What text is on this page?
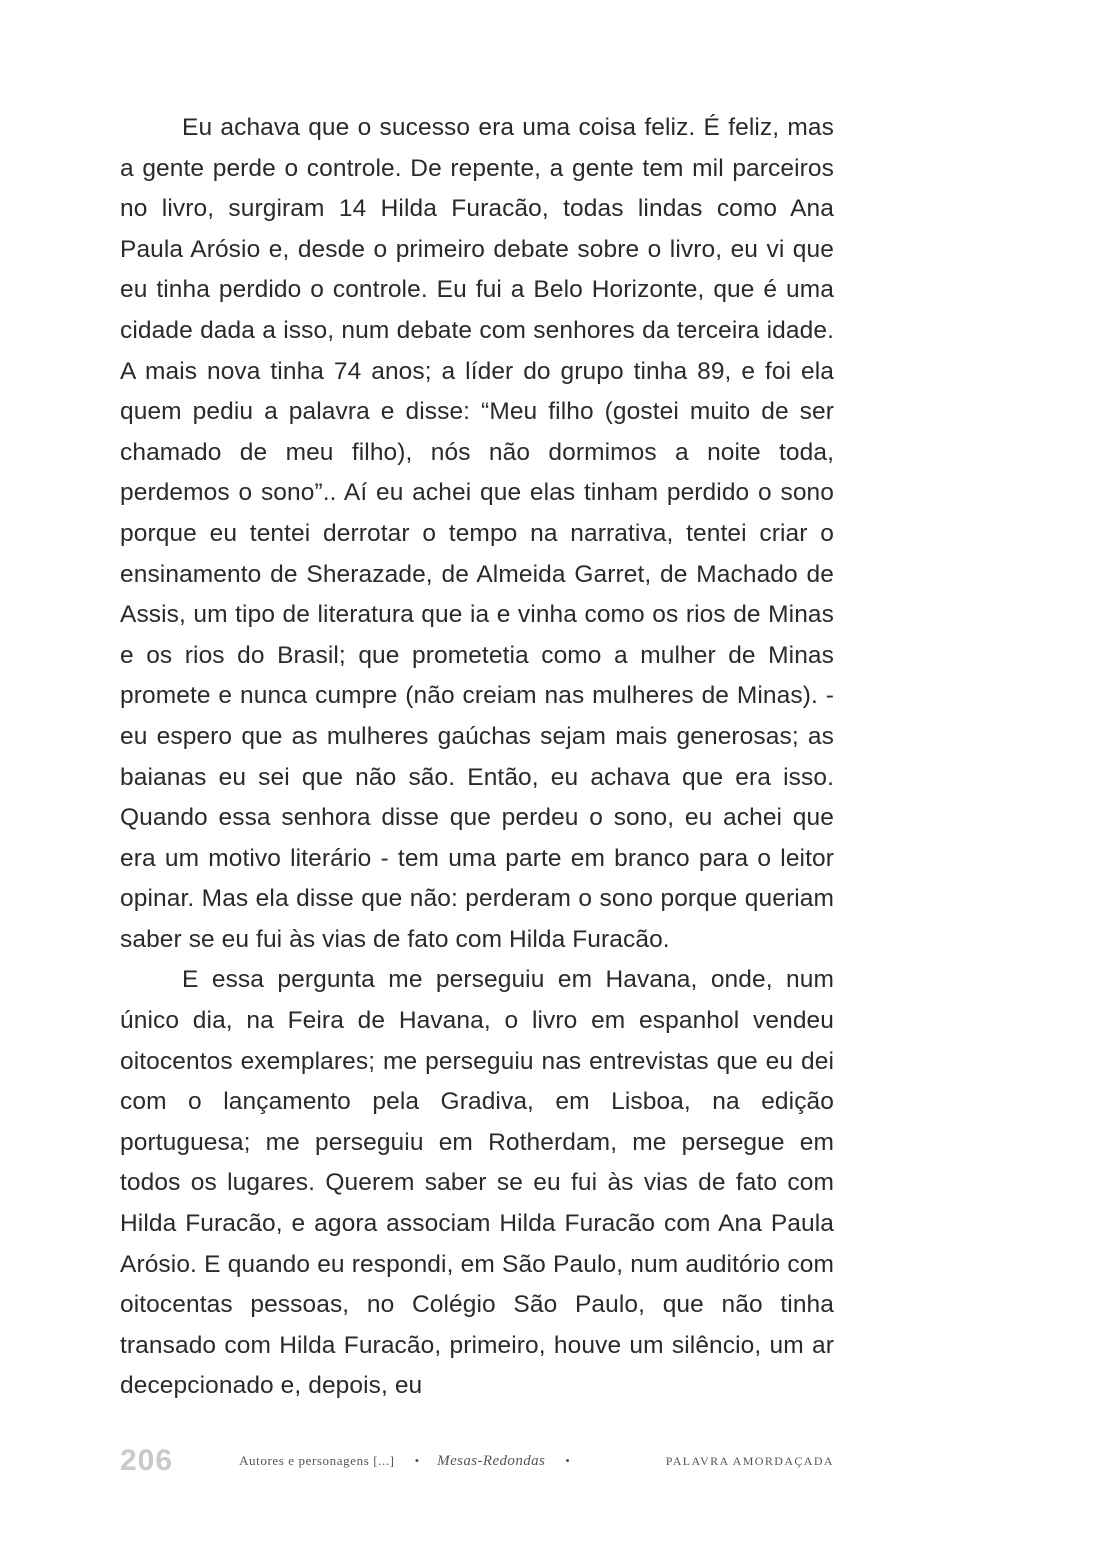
Eu achava que o sucesso era uma coisa feliz. É feliz, mas a gente perde o controle. De repente, a gente tem mil parceiros no livro, surgiram 14 Hilda Furacão, todas lindas como Ana Paula Arósio e, desde o primeiro debate sobre o livro, eu vi que eu tinha perdido o controle. Eu fui a Belo Horizonte, que é uma cidade dada a isso, num debate com senhores da terceira idade. A mais nova tinha 74 anos; a líder do grupo tinha 89, e foi ela quem pediu a palavra e disse: “Meu filho (gostei muito de ser chamado de meu filho), nós não dormimos a noite toda, perdemos o sono”.. Aí eu achei que elas tinham perdido o sono porque eu tentei derrotar o tempo na narrativa, tentei criar o ensinamento de Sherazade, de Almeida Garret, de Machado de Assis, um tipo de literatura que ia e vinha como os rios de Minas e os rios do Brasil; que prometetia como a mulher de Minas promete e nunca cumpre (não creiam nas mulheres de Minas). - eu espero que as mulheres gaúchas sejam mais generosas; as baianas eu sei que não são. Então, eu achava que era isso. Quando essa senhora disse que perdeu o sono, eu achei que era um motivo literário - tem uma parte em branco para o leitor opinar. Mas ela disse que não: perderam o sono porque queriam saber se eu fui às vias de fato com Hilda Furacão.

E essa pergunta me perseguiu em Havana, onde, num único dia, na Feira de Havana, o livro em espanhol vendeu oitocentos exemplares; me perseguiu nas entrevistas que eu dei com o lançamento pela Gradiva, em Lisboa, na edição portuguesa; me perseguiu em Rotherdam, me persegue em todos os lugares. Querem saber se eu fui às vias de fato com Hilda Furacão, e agora associam Hilda Furacão com Ana Paula Arósio. E quando eu respondi, em São Paulo, num auditório com oitocentas pessoas, no Colégio São Paulo, que não tinha transado com Hilda Furacão, primeiro, houve um silêncio, um ar decepcionado e, depois, eu

206	Autores e personagens [...] • Mesas-Redondas •	PALAVRA AMORDAÇADA
